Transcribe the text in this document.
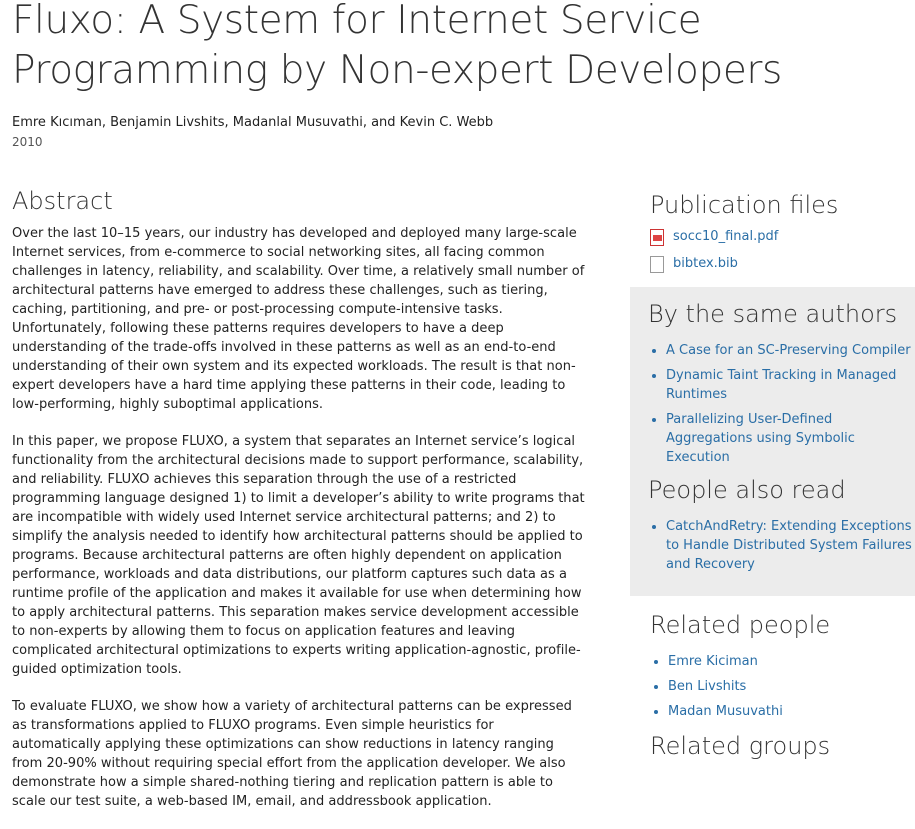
Fluxo: A System for Internet Service Programming by Non-expert Developers

Emre Kıcıman, Benjamin Livshits, Madanlal Musuvathi, and Kevin C. Webb

2010

Abstract

Over the last 10–15 years, our industry has developed and deployed many large-scale Internet services, from e-commerce to social networking sites, all facing common challenges in latency, reliability, and scalability. Over time, a relatively small number of architectural patterns have emerged to address these challenges, such as tiering, caching, partitioning, and pre- or post-processing compute-intensive tasks. Unfortunately, following these patterns requires developers to have a deep understanding of the trade-offs involved in these patterns as well as an end-to-end understanding of their own system and its expected workloads. The result is that non-expert developers have a hard time applying these patterns in their code, leading to low-performing, highly suboptimal applications.

In this paper, we propose FLUXO, a system that separates an Internet service’s logical functionality from the architectural decisions made to support performance, scalability, and reliability. FLUXO achieves this separation through the use of a restricted programming language designed 1) to limit a developer’s ability to write programs that are incompatible with widely used Internet service architectural patterns; and 2) to simplify the analysis needed to identify how architectural patterns should be applied to programs. Because architectural patterns are often highly dependent on application performance, workloads and data distributions, our platform captures such data as a runtime profile of the application and makes it available for use when determining how to apply architectural patterns. This separation makes service development accessible to non-experts by allowing them to focus on application features and leaving complicated architectural optimizations to experts writing application-agnostic, profile-guided optimization tools.

To evaluate FLUXO, we show how a variety of architectural patterns can be expressed as transformations applied to FLUXO programs. Even simple heuristics for automatically applying these optimizations can show reductions in latency ranging from 20-90% without requiring special effort from the application developer. We also demonstrate how a simple shared-nothing tiering and replication pattern is able to scale our test suite, a web-based IM, email, and addressbook application.

Publication files
socc10_final.pdf
bibtex.bib
By the same authors
• A Case for an SC-Preserving Compiler
• Dynamic Taint Tracking in Managed Runtimes
• Parallelizing User-Defined Aggregations using Symbolic Execution
People also read
• CatchAndRetry: Extending Exceptions to Handle Distributed System Failures and Recovery
Related people
• Emre Kiciman
• Ben Livshits
• Madan Musuvathi
Related groups
